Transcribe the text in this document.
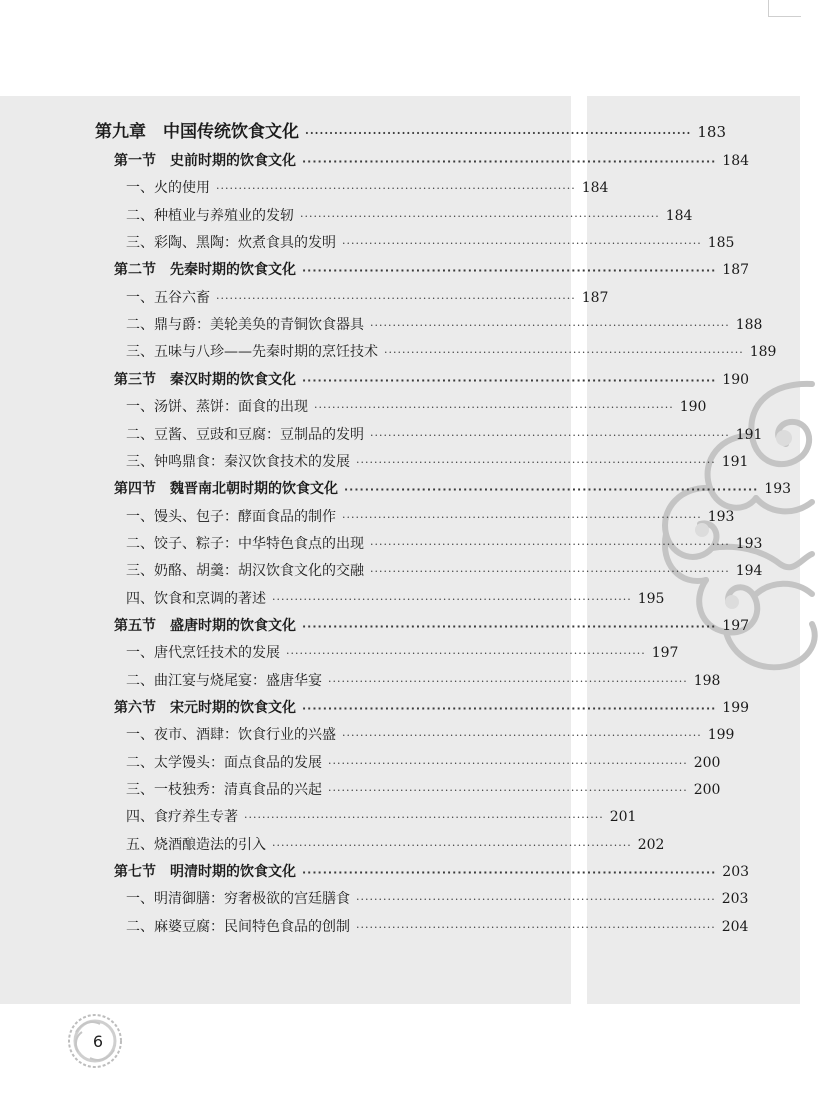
第九章　中国传统饮食文化 ················································································ 183
第一节　史前时期的饮食文化 ················································································ 184
一、火的使用 ················································································ 184
二、种植业与养殖业的发轫 ················································································ 184
三、彩陶、黑陶：炊煮食具的发明 ················································································ 185
第二节　先秦时期的饮食文化 ················································································ 187
一、五谷六畜 ················································································ 187
二、鼎与爵：美轮美奂的青铜饮食器具 ················································································ 188
三、五味与八珍——先秦时期的烹饪技术 ················································································ 189
第三节　秦汉时期的饮食文化 ················································································ 190
一、汤饼、蒸饼：面食的出现 ················································································ 190
二、豆酱、豆豉和豆腐：豆制品的发明 ················································································ 191
三、钟鸣鼎食：秦汉饮食技术的发展 ················································································ 191
第四节　魏晋南北朝时期的饮食文化 ················································································ 193
一、馒头、包子：酵面食品的制作 ················································································ 193
二、饺子、粽子：中华特色食点的出现 ················································································ 193
三、奶酪、胡羹：胡汉饮食文化的交融 ················································································ 194
四、饮食和烹调的著述 ················································································ 195
第五节　盛唐时期的饮食文化 ················································································ 197
一、唐代烹饪技术的发展 ················································································ 197
二、曲江宴与烧尾宴：盛唐华宴 ················································································ 198
第六节　宋元时期的饮食文化 ················································································ 199
一、夜市、酒肆：饮食行业的兴盛 ················································································ 199
二、太学馒头：面点食品的发展 ················································································ 200
三、一枝独秀：清真食品的兴起 ················································································ 200
四、食疗养生专著 ················································································ 201
五、烧酒酿造法的引入 ················································································ 202
第七节　明清时期的饮食文化 ················································································ 203
一、明清御膳：穷奢极欲的宫廷膳食 ················································································ 203
二、麻婆豆腐：民间特色食品的创制 ················································································ 204
6
